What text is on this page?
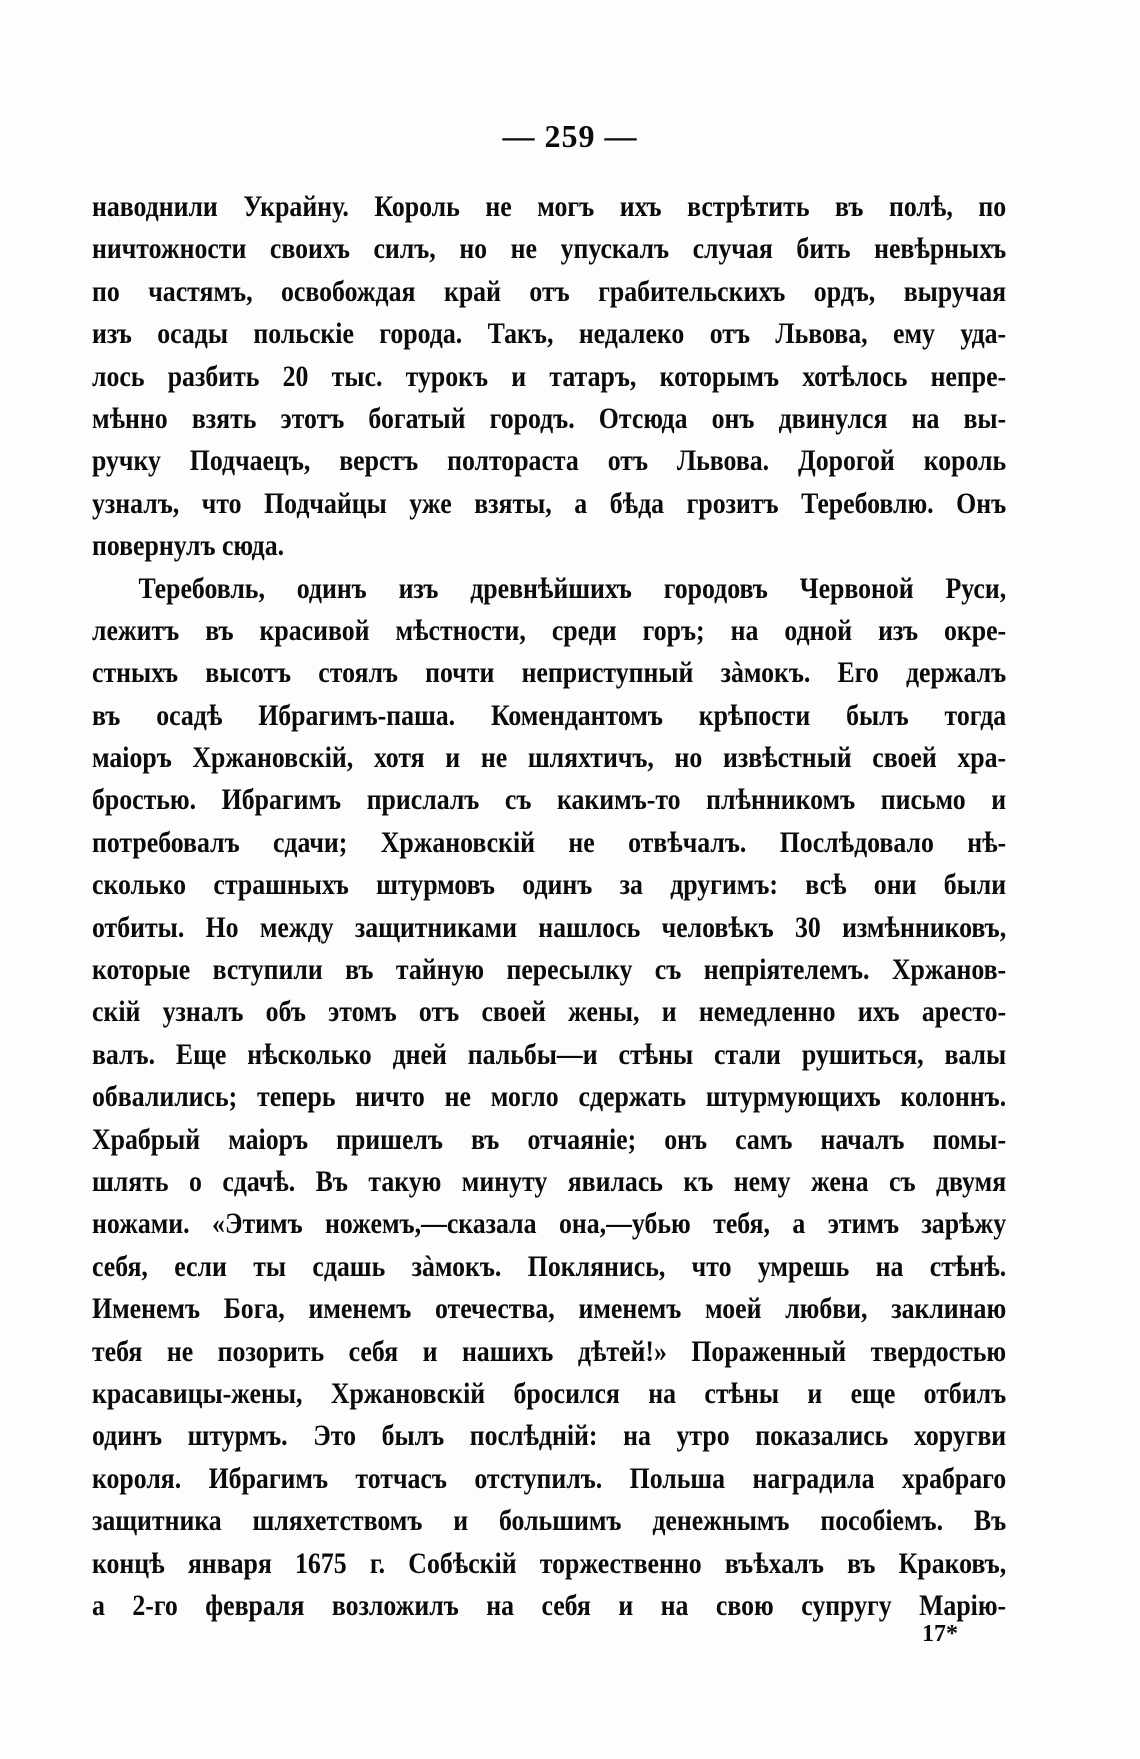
— 259 —
наводнили Украйну. Король не могъ ихъ встрѣтить въ полѣ, по
ничтожности своихъ силъ, но не упускалъ случая бить невѣрныхъ
по частямъ, освобождая край отъ грабительскихъ ордъ, выручая
изъ осады польскіе города. Такъ, недалеко отъ Львова, ему уда-
лось разбить 20 тыс. турокъ и татаръ, которымъ хотѣлось непре-
мѣнно взять этотъ богатый городъ. Отсюда онъ двинулся на вы-
ручку Подчаецъ, верстъ полтораста отъ Львова. Дорогой король
узналъ, что Подчайцы уже взяты, а бѣда грозитъ Теребовлю. Онъ
повернулъ сюда.
Теребовль, одинъ изъ древнѣйшихъ городовъ Червоной Руси,
лежитъ въ красивой мѣстности, среди горъ; на одной изъ окре-
стныхъ высотъ стоялъ почти неприступный зàмокъ. Его держалъ
въ осадѣ Ибрагимъ-паша. Комендантомъ крѣпости былъ тогда
маіоръ Хржановскій, хотя и не шляхтичъ, но извѣстный своей хра-
бростью. Ибрагимъ прислалъ съ какимъ-то плѣнникомъ письмо и
потребовалъ сдачи; Хржановскій не отвѣчалъ. Послѣдовало нѣ-
сколько страшныхъ штурмовъ одинъ за другимъ: всѣ они были
отбиты. Но между защитниками нашлось человѣкъ 30 измѣнниковъ,
которые вступили въ тайную пересылку съ непріятелемъ. Хржанов-
скій узналъ объ этомъ отъ своей жены, и немедленно ихъ аресто-
валъ. Еще нѣсколько дней пальбы—и стѣны стали рушиться, валы
обвалились; теперь ничто не могло сдержать штурмующихъ колоннъ.
Храбрый маіоръ пришелъ въ отчаяніе; онъ самъ началъ помы-
шлять о сдачѣ. Въ такую минуту явилась къ нему жена съ двумя
ножами. «Этимъ ножемъ,—сказала она,—убью тебя, а этимъ зарѣжу
себя, если ты сдашь зàмокъ. Поклянись, что умрешь на стѣнѣ.
Именемъ Бога, именемъ отечества, именемъ моей любви, заклинаю
тебя не позорить себя и нашихъ дѣтей!» Пораженный твердостью
красавицы-жены, Хржановскій бросился на стѣны и еще отбилъ
одинъ штурмъ. Это былъ послѣдній: на утро показались хоругви
короля. Ибрагимъ тотчасъ отступилъ. Польша наградила храбраго
защитника шляхетствомъ и большимъ денежнымъ пособіемъ. Въ
концѣ января 1675 г. Собѣскій торжественно въѣхалъ въ Краковъ,
а 2-го февраля возложилъ на себя и на свою супругу Марію-
17*
